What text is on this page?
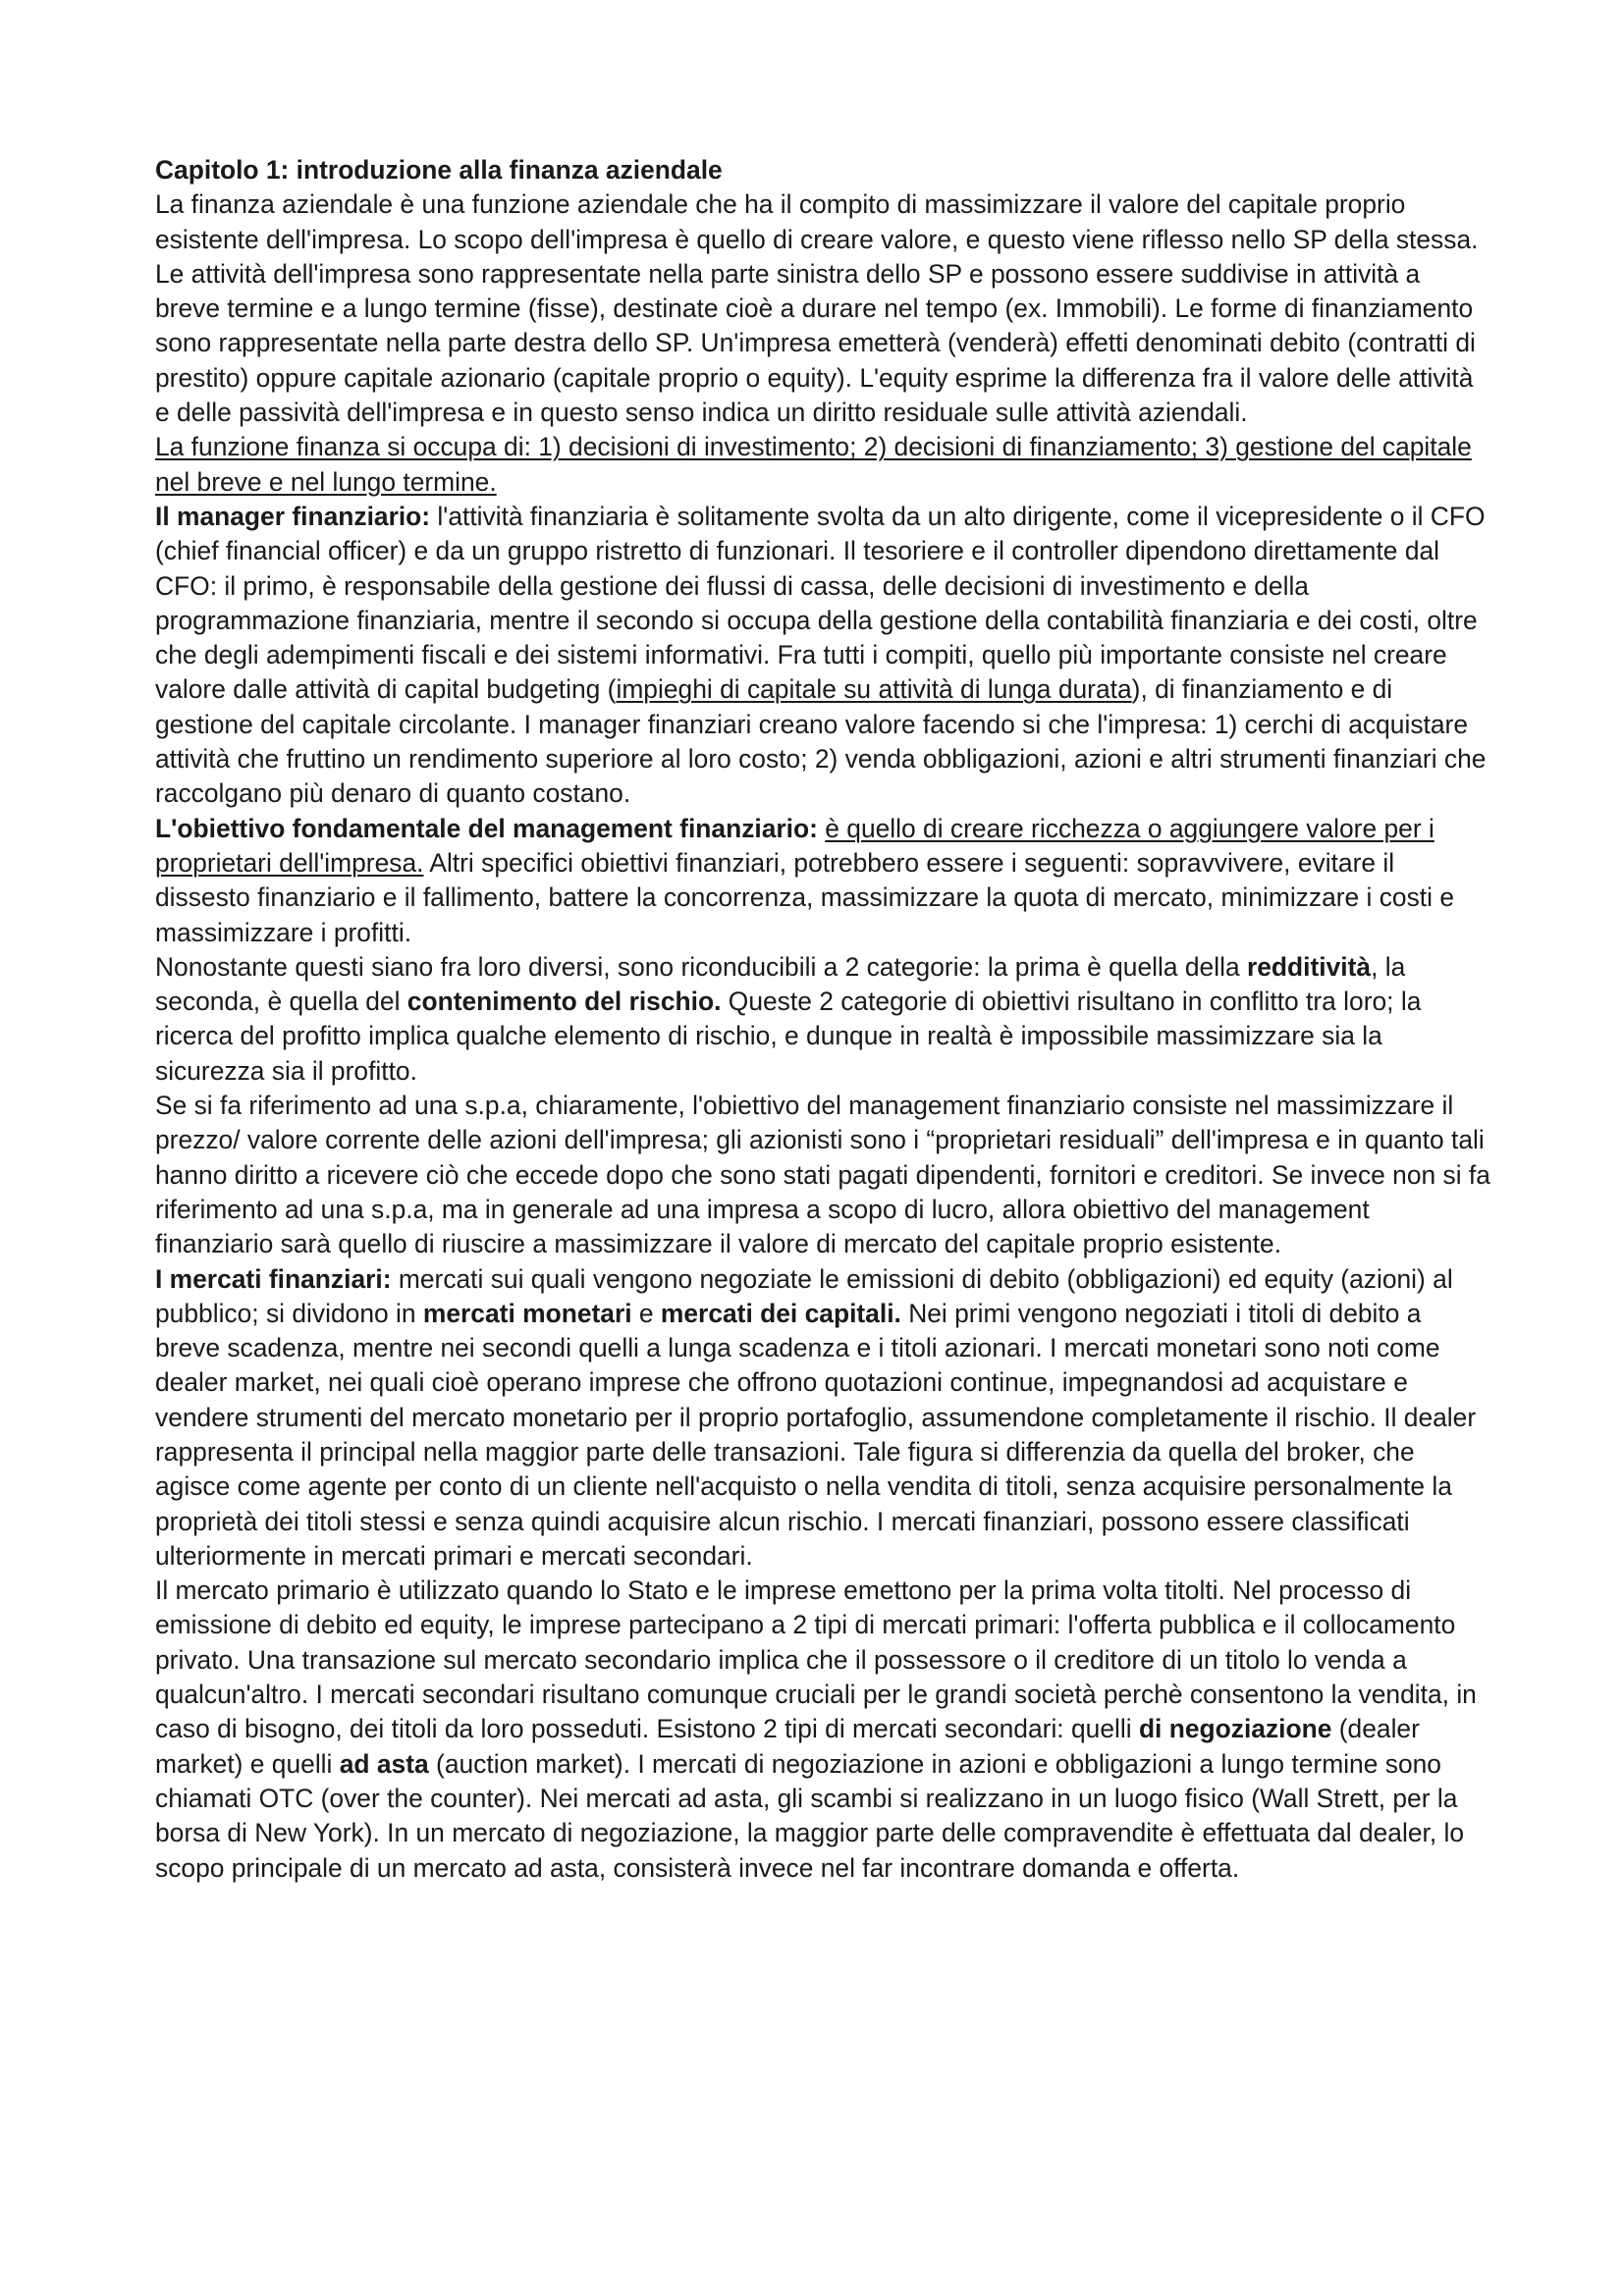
Capitolo 1: introduzione alla finanza aziendale

La finanza aziendale è una funzione aziendale che ha il compito di massimizzare il valore del capitale proprio esistente dell'impresa. Lo scopo dell'impresa è quello di creare valore, e questo viene riflesso nello SP della stessa.

Le attività dell'impresa sono rappresentate nella parte sinistra dello SP e possono essere suddivise in attività a breve termine e a lungo termine (fisse), destinate cioè a durare nel tempo (ex. Immobili). Le forme di finanziamento sono rappresentate nella parte destra dello SP. Un'impresa emetterà (venderà) effetti denominati debito (contratti di prestito) oppure capitale azionario (capitale proprio o equity). L'equity esprime la differenza fra il valore delle attività e delle passività dell'impresa e in questo senso indica un diritto residuale sulle attività aziendali.

La funzione finanza si occupa di: 1) decisioni di investimento; 2) decisioni di finanziamento; 3) gestione del capitale nel breve e nel lungo termine.

Il manager finanziario: l'attività finanziaria è solitamente svolta da un alto dirigente, come il vicepresidente o il CFO (chief financial officer) e da un gruppo ristretto di funzionari. Il tesoriere e il controller dipendono direttamente dal CFO: il primo, è responsabile della gestione dei flussi di cassa, delle decisioni di investimento e della programmazione finanziaria, mentre il secondo si occupa della gestione della contabilità finanziaria e dei costi, oltre che degli adempimenti fiscali e dei sistemi informativi. Fra tutti i compiti, quello più importante consiste nel creare valore dalle attività di capital budgeting (impieghi di capitale su attività di lunga durata), di finanziamento e di gestione del capitale circolante. I manager finanziari creano valore facendo si che l'impresa: 1) cerchi di acquistare attività che fruttino un rendimento superiore al loro costo; 2) venda obbligazioni, azioni e altri strumenti finanziari che raccolgano più denaro di quanto costano.

L'obiettivo fondamentale del management finanziario: è quello di creare ricchezza o aggiungere valore per i proprietari dell'impresa. Altri specifici obiettivi finanziari, potrebbero essere i seguenti: sopravvivere, evitare il dissesto finanziario e il fallimento, battere la concorrenza, massimizzare la quota di mercato, minimizzare i costi e massimizzare i profitti.

Nonostante questi siano fra loro diversi, sono riconducibili a 2 categorie: la prima è quella della redditività, la seconda, è quella del contenimento del rischio. Queste 2 categorie di obiettivi risultano in conflitto tra loro; la ricerca del profitto implica qualche elemento di rischio, e dunque in realtà è impossibile massimizzare sia la sicurezza sia il profitto.

Se si fa riferimento ad una s.p.a, chiaramente, l'obiettivo del management finanziario consiste nel massimizzare il prezzo/ valore corrente delle azioni dell'impresa; gli azionisti sono i “proprietari residuali” dell'impresa e in quanto tali hanno diritto a ricevere ciò che eccede dopo che sono stati pagati dipendenti, fornitori e creditori. Se invece non si fa riferimento ad una s.p.a, ma in generale ad una impresa a scopo di lucro, allora obiettivo del management finanziario sarà quello di riuscire a massimizzare il valore di mercato del capitale proprio esistente.

I mercati finanziari: mercati sui quali vengono negoziate le emissioni di debito (obbligazioni) ed equity (azioni) al pubblico; si dividono in mercati monetari e mercati dei capitali. Nei primi vengono negoziati i titoli di debito a breve scadenza, mentre nei secondi quelli a lunga scadenza e i titoli azionari. I mercati monetari sono noti come dealer market, nei quali cioè operano imprese che offrono quotazioni continue, impegnandosi ad acquistare e vendere strumenti del mercato monetario per il proprio portafoglio, assumendone completamente il rischio. Il dealer rappresenta il principal nella maggior parte delle transazioni. Tale figura si differenzia da quella del broker, che agisce come agente per conto di un cliente nell'acquisto o nella vendita di titoli, senza acquisire personalmente la proprietà dei titoli stessi e senza quindi acquisire alcun rischio. I mercati finanziari, possono essere classificati ulteriormente in mercati primari e mercati secondari.

Il mercato primario è utilizzato quando lo Stato e le imprese emettono per la prima volta titolti. Nel processo di emissione di debito ed equity, le imprese partecipano a 2 tipi di mercati primari: l'offerta pubblica e il collocamento privato. Una transazione sul mercato secondario implica che il possessore o il creditore di un titolo lo venda a qualcun'altro. I mercati secondari risultano comunque cruciali per le grandi società perchè consentono la vendita, in caso di bisogno, dei titoli da loro posseduti. Esistono 2 tipi di mercati secondari: quelli di negoziazione (dealer market) e quelli ad asta (auction market). I mercati di negoziazione in azioni e obbligazioni a lungo termine sono chiamati OTC (over the counter). Nei mercati ad asta, gli scambi si realizzano in un luogo fisico (Wall Strett, per la borsa di New York). In un mercato di negoziazione, la maggior parte delle compravendite è effettuata dal dealer, lo scopo principale di un mercato ad asta, consisterà invece nel far incontrare domanda e offerta.
